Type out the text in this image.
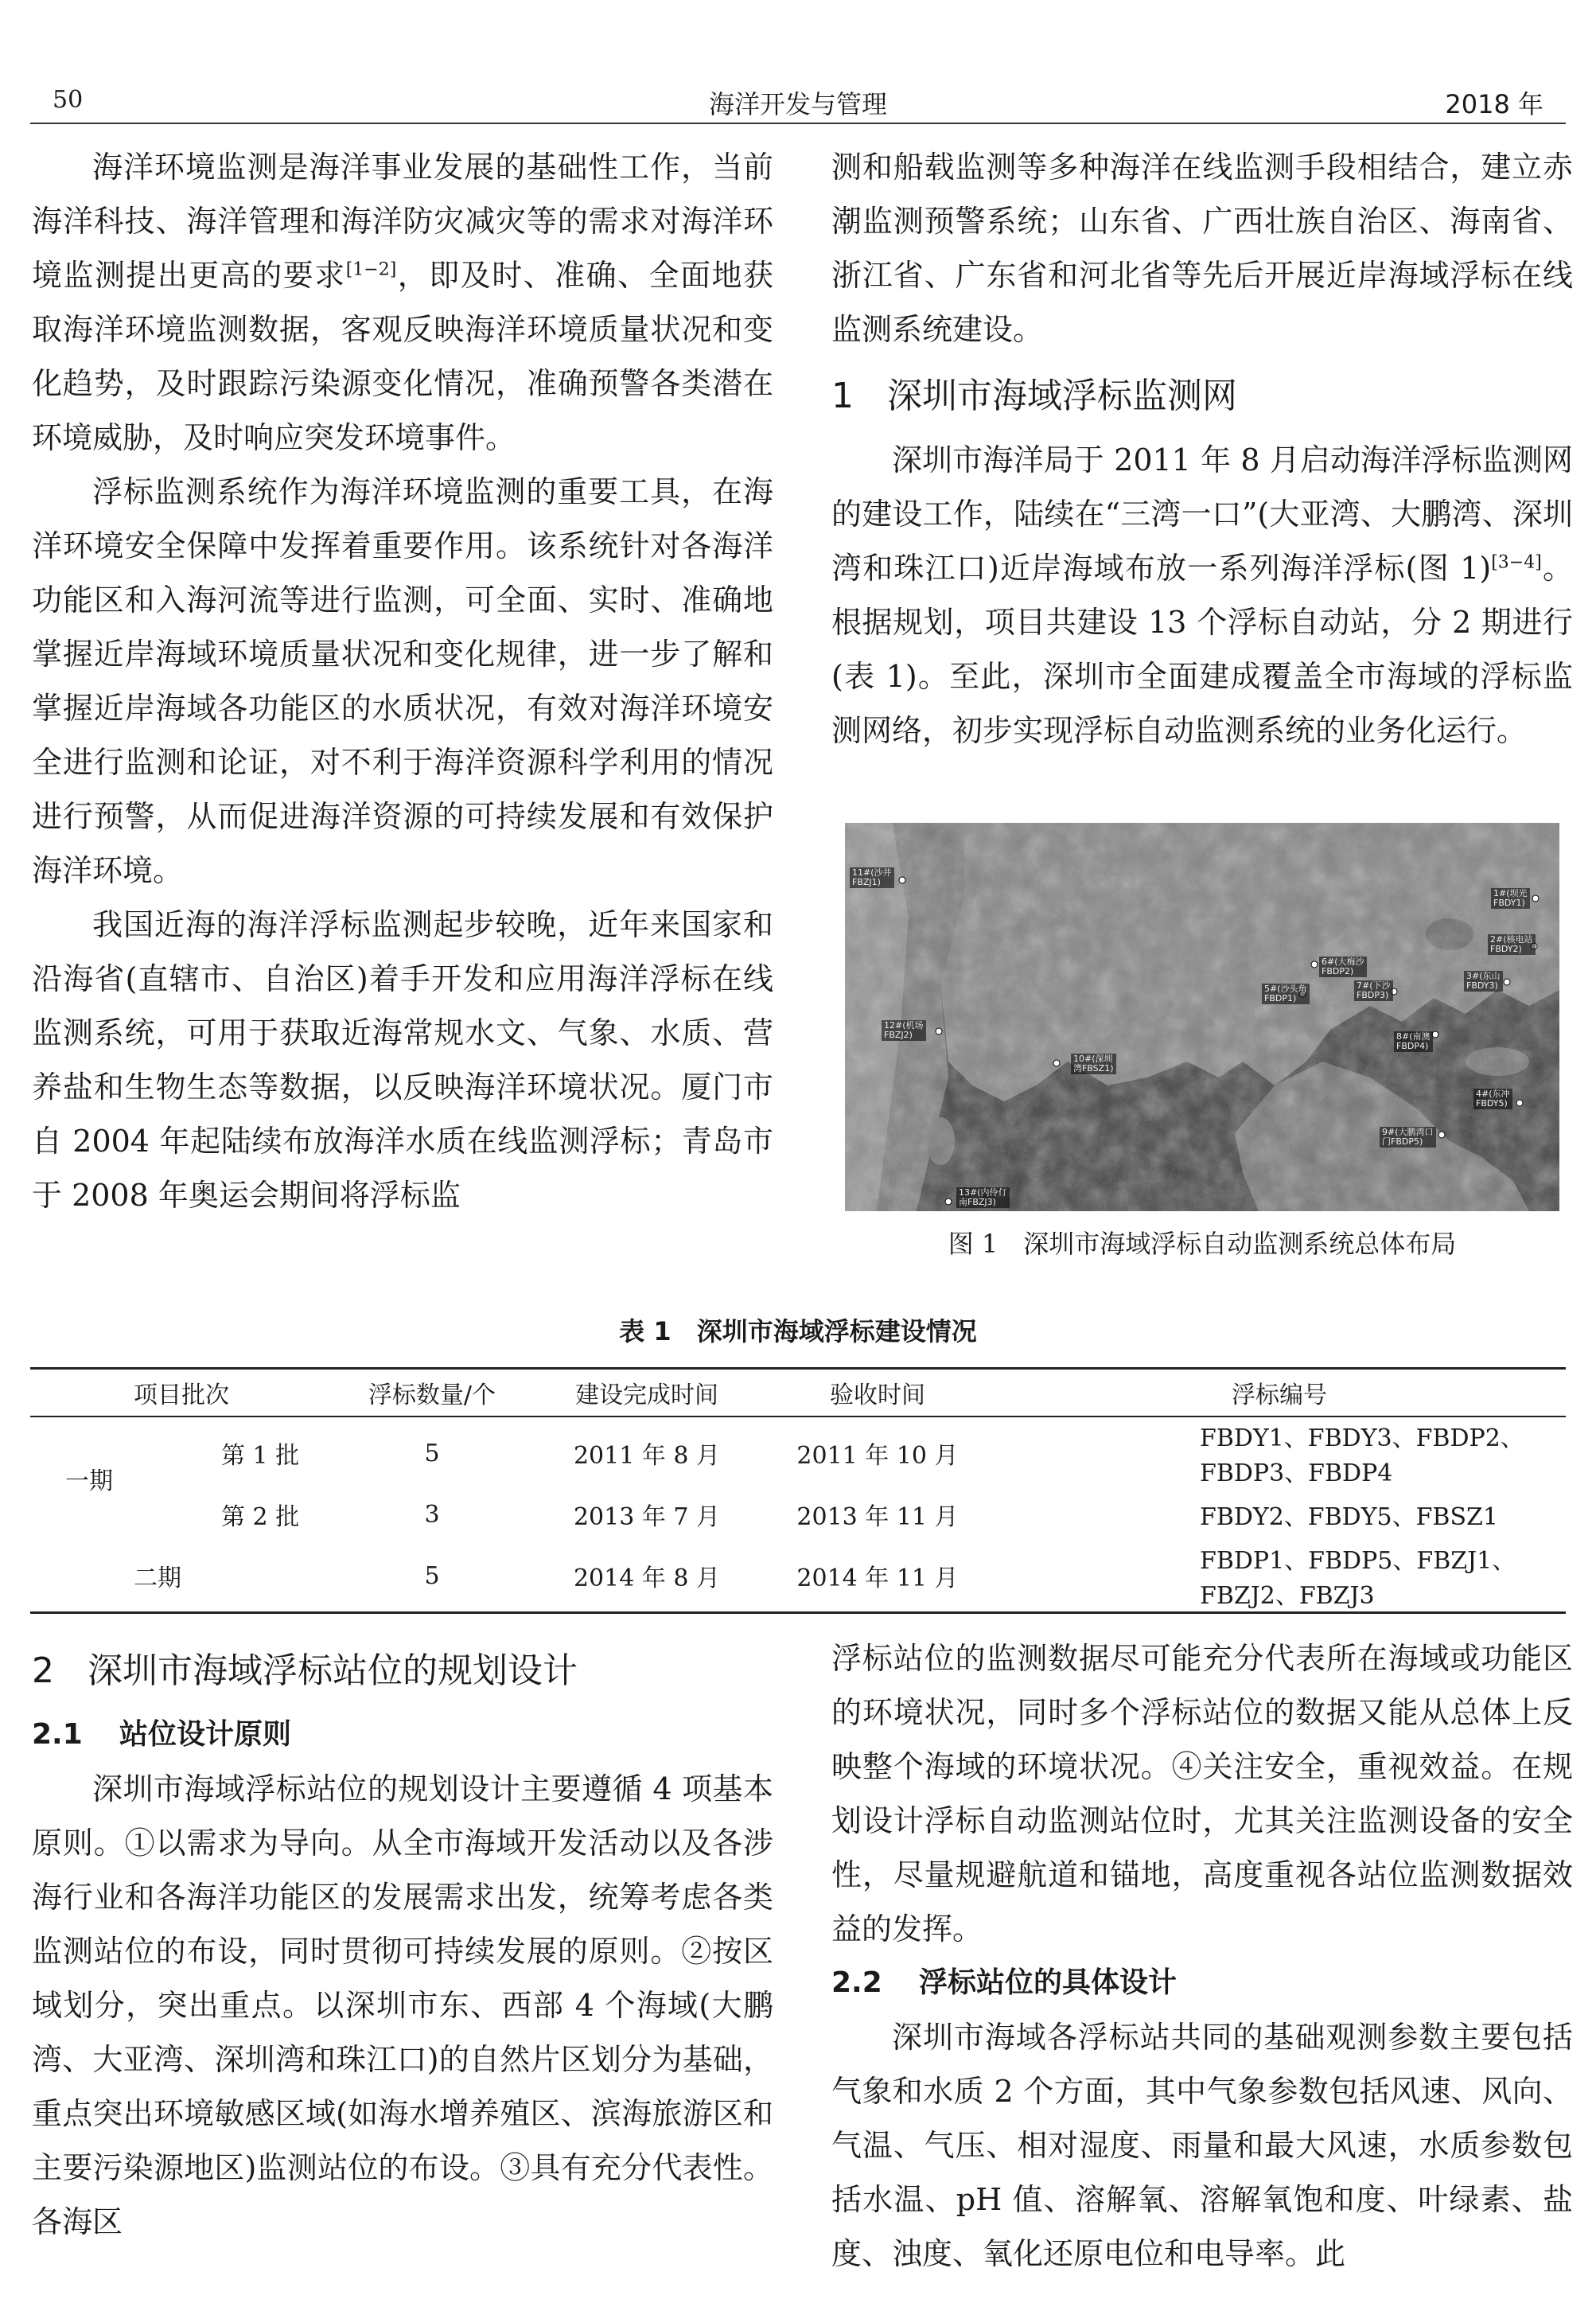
50	海洋开发与管理	2018 年

海洋环境监测是海洋事业发展的基础性工作，当前海洋科技、海洋管理和海洋防灾减灾等的需求对海洋环境监测提出更高的要求[1−2]，即及时、准确、全面地获取海洋环境监测数据，客观反映海洋环境质量状况和变化趋势，及时跟踪污染源变化情况，准确预警各类潜在环境威胁，及时响应突发环境事件。

浮标监测系统作为海洋环境监测的重要工具，在海洋环境安全保障中发挥着重要作用。该系统针对各海洋功能区和入海河流等进行监测，可全面、实时、准确地掌握近岸海域环境质量状况和变化规律，进一步了解和掌握近岸海域各功能区的水质状况，有效对海洋环境安全进行监测和论证，对不利于海洋资源科学利用的情况进行预警，从而促进海洋资源的可持续发展和有效保护海洋环境。

我国近海的海洋浮标监测起步较晚，近年来国家和沿海省(直辖市、自治区)着手开发和应用海洋浮标在线监测系统，可用于获取近海常规水文、气象、水质、营养盐和生物生态等数据，以反映海洋环境状况。厦门市自 2004 年起陆续布放海洋水质在线监测浮标；青岛市于 2008 年奥运会期间将浮标监

测和船载监测等多种海洋在线监测手段相结合，建立赤潮监测预警系统；山东省、广西壮族自治区、海南省、浙江省、广东省和河北省等先后开展近岸海域浮标在线监测系统建设。

1 深圳市海域浮标监测网

深圳市海洋局于 2011 年 8 月启动海洋浮标监测网的建设工作，陆续在“三湾一口”(大亚湾、大鹏湾、深圳湾和珠江口)近岸海域布放一系列海洋浮标(图 1)[3−4]。根据规划，项目共建设 13 个浮标自动站，分 2 期进行(表 1)。至此，深圳市全面建成覆盖全市海域的浮标监测网络，初步实现浮标自动监测系统的业务化运行。

11#(沙井
FBZJ1)

1#(坝光
FBDY1)

2#(核电站
FBDY2)

6#(大梅沙
FBDP2)

5#(沙头角
FBDP1)

7#(下沙
FBDP3)

3#(东山
FBDY3)

12#(机场
FBZJ2)

10#(深圳
湾FBSZ1)

8#(南澳
FBDP4)

4#(东冲
FBDY5)

9#(大鹏湾口
门FBDP5)

13#(内伶仃
南FBZJ3)

图 1　深圳市海域浮标自动监测系统总体布局
表 1　深圳市海域浮标建设情况
项目批次		浮标数量/个	建设完成时间	验收时间	浮标编号
一期	第 1 批	5	2011 年 8 月	2011 年 10 月	FBDY1、FBDY3、FBDP2、FBDP3、FBDP4
	第 2 批	3	2013 年 7 月	2013 年 11 月	FBDY2、FBDY5、FBSZ1
二期		5	2014 年 8 月	2014 年 11 月	FBDP1、FBDP5、FBZJ1、FBZJ2、FBZJ3
2 深圳市海域浮标站位的规划设计
2.1 站位设计原则

深圳市海域浮标站位的规划设计主要遵循 4 项基本原则。①以需求为导向。从全市海域开发活动以及各涉海行业和各海洋功能区的发展需求出发，统筹考虑各类监测站位的布设，同时贯彻可持续发展的原则。②按区域划分，突出重点。以深圳市东、西部 4 个海域(大鹏湾、大亚湾、深圳湾和珠江口)的自然片区划分为基础，重点突出环境敏感区域(如海水增养殖区、滨海旅游区和主要污染源地区)监测站位的布设。③具有充分代表性。各海区

浮标站位的监测数据尽可能充分代表所在海域或功能区的环境状况，同时多个浮标站位的数据又能从总体上反映整个海域的环境状况。④关注安全，重视效益。在规划设计浮标自动监测站位时，尤其关注监测设备的安全性，尽量规避航道和锚地，高度重视各站位监测数据效益的发挥。

2.2 浮标站位的具体设计

深圳市海域各浮标站共同的基础观测参数主要包括气象和水质 2 个方面，其中气象参数包括风速、风向、气温、气压、相对湿度、雨量和最大风速，水质参数包括水温、pH 值、溶解氧、溶解氧饱和度、叶绿素、盐度、浊度、氧化还原电位和电导率。此
